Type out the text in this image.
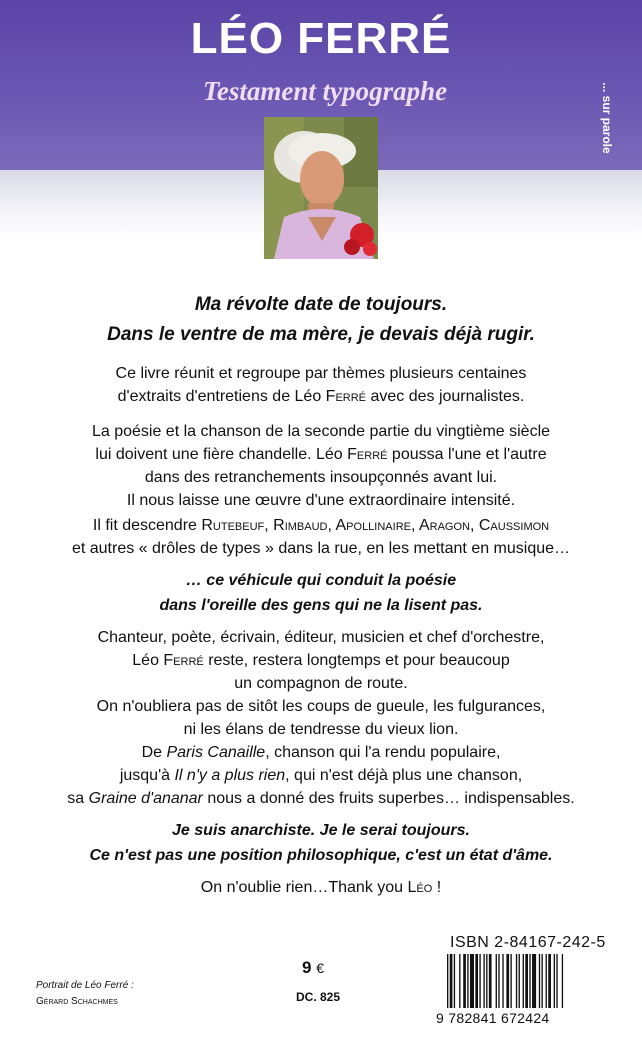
LÉO FERRÉ
Testament typographe	... sur parole
Ma révolte date de toujours.
Dans le ventre de ma mère, je devais déjà rugir.
Ce livre réunit et regroupe par thèmes plusieurs centaines
d'extraits d'entretiens de Léo Ferré avec des journalistes.
La poésie et la chanson de la seconde partie du vingtième siècle
lui doivent une fière chandelle. Léo Ferré poussa l'une et l'autre
dans des retranchements insoupçonnés avant lui.
Il nous laisse une œuvre d'une extraordinaire intensité.
Il fit descendre Rutebeuf, Rimbaud, Apollinaire, Aragon, Caussimon
et autres « drôles de types » dans la rue, en les mettant en musique…
… ce véhicule qui conduit la poésie
dans l'oreille des gens qui ne la lisent pas.
Chanteur, poète, écrivain, éditeur, musicien et chef d'orchestre,
Léo Ferré reste, restera longtemps et pour beaucoup
un compagnon de route.
On n'oubliera pas de sitôt les coups de gueule, les fulgurances,
ni les élans de tendresse du vieux lion.
De Paris Canaille, chanson qui l'a rendu populaire,
jusqu'à Il n'y a plus rien, qui n'est déjà plus une chanson,
sa Graine d'ananar nous a donné des fruits superbes… indispensables.
Je suis anarchiste. Je le serai toujours.
Ce n'est pas une position philosophique, c'est un état d'âme.
On n'oublie rien…Thank you Léo !
Portrait de Léo Ferré :
Gérard Schachmes
9 €
DC. 825
ISBN 2-84167-242-5
9 782841 672424
